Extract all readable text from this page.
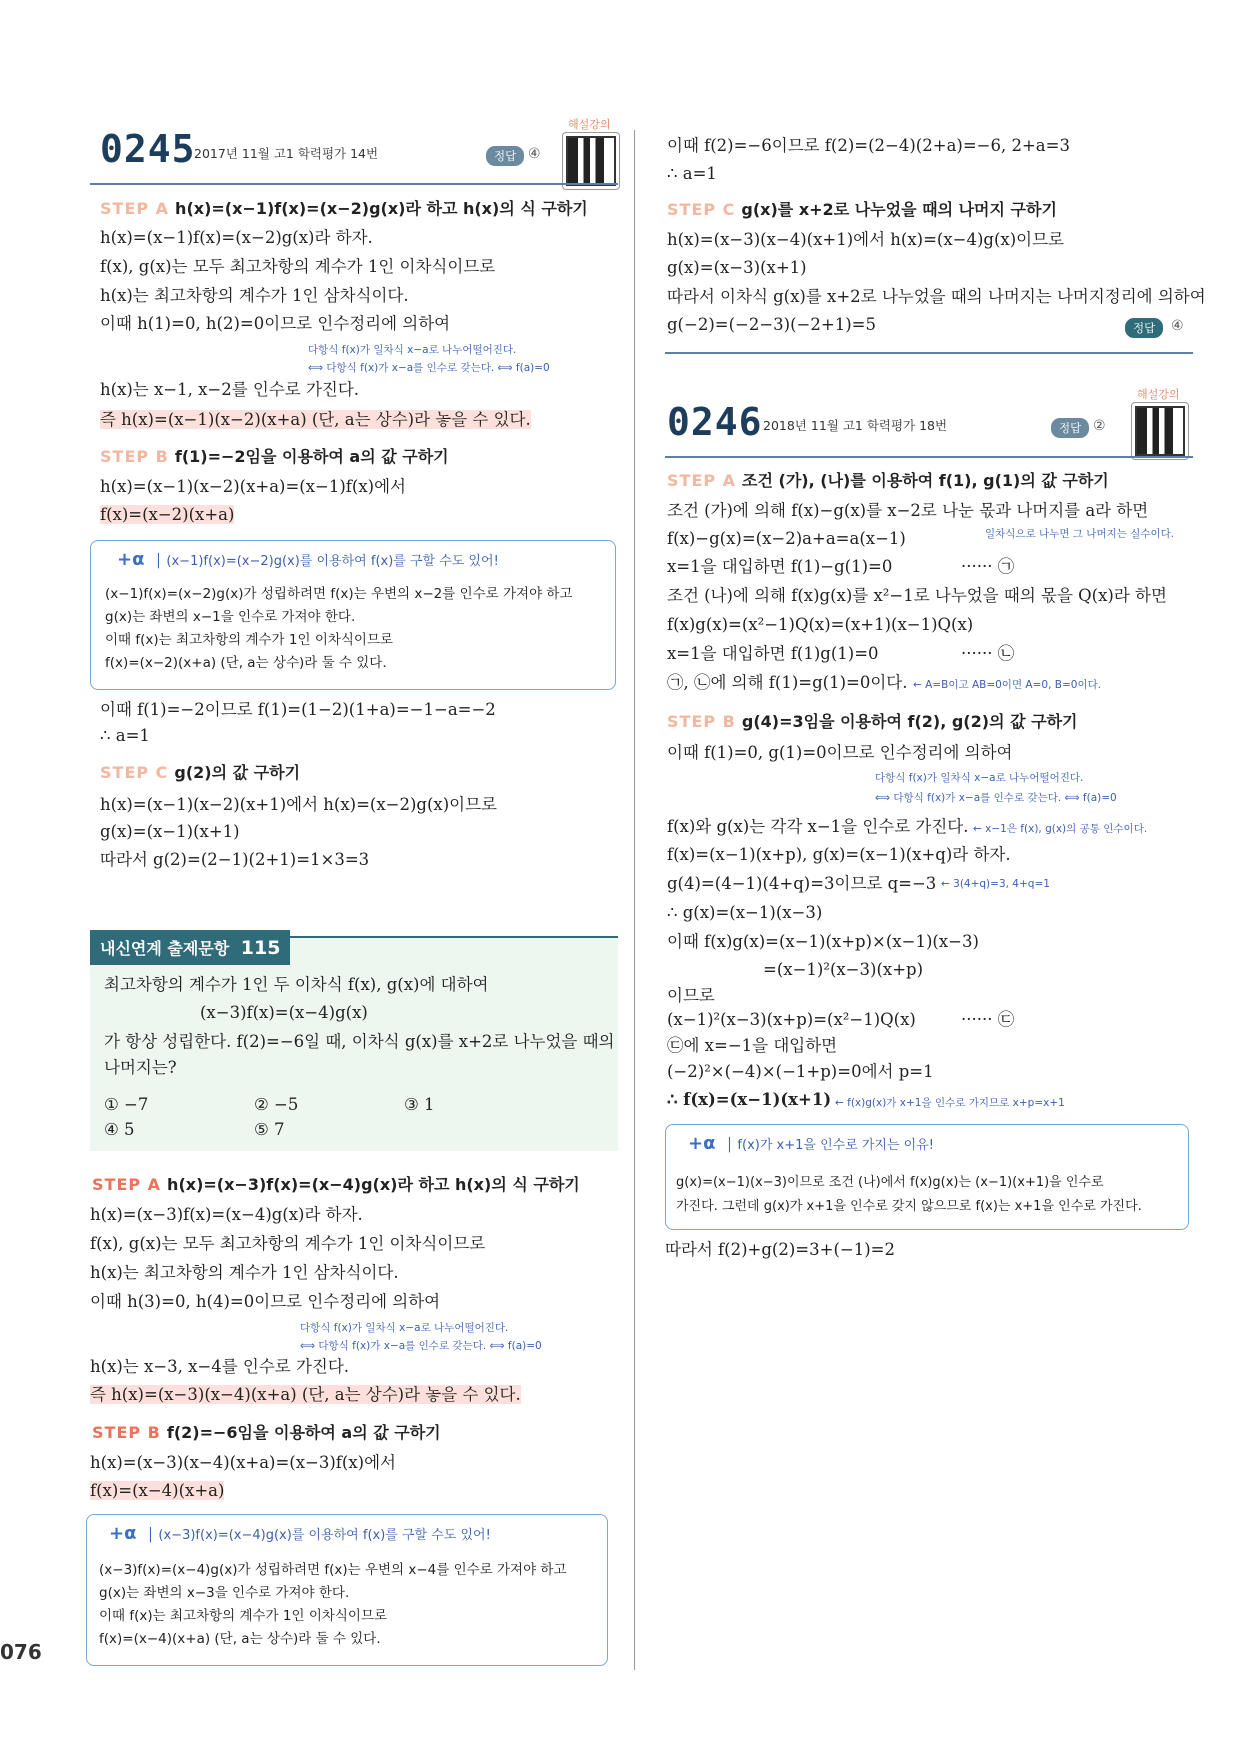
해설강의
0245
2017년 11월 고1 학력평가 14번	정답 ④
STEP A h(x)=(x−1)f(x)=(x−2)g(x)라 하고 h(x)의 식 구하기
h(x)=(x−1)f(x)=(x−2)g(x)라 하자.
f(x), g(x)는 모두 최고차항의 계수가 1인 이차식이므로
h(x)는 최고차항의 계수가 1인 삼차식이다.
이때 h(1)=0, h(2)=0이므로 인수정리에 의하여
다항식 f(x)가 일차식 x−a로 나누어떨어진다.
⟺ 다항식 f(x)가 x−a를 인수로 갖는다. ⟺ f(a)=0
h(x)는 x−1, x−2를 인수로 가진다.
즉 h(x)=(x−1)(x−2)(x+a) (단, a는 상수)라 놓을 수 있다.
STEP B f(1)=−2임을 이용하여 a의 값 구하기
h(x)=(x−1)(x−2)(x+a)=(x−1)f(x)에서
f(x)=(x−2)(x+a)
+α │ (x−1)f(x)=(x−2)g(x)를 이용하여 f(x)를 구할 수도 있어!
(x−1)f(x)=(x−2)g(x)가 성립하려면 f(x)는 우변의 x−2를 인수로 가져야 하고
g(x)는 좌변의 x−1을 인수로 가져야 한다.
이때 f(x)는 최고차항의 계수가 1인 이차식이므로
f(x)=(x−2)(x+a) (단, a는 상수)라 둘 수 있다.
이때 f(1)=−2이므로 f(1)=(1−2)(1+a)=−1−a=−2
∴ a=1
STEP C g(2)의 값 구하기
h(x)=(x−1)(x−2)(x+1)에서 h(x)=(x−2)g(x)이므로
g(x)=(x−1)(x+1)
따라서 g(2)=(2−1)(2+1)=1×3=3
내신연계 출제문항 115
최고차항의 계수가 1인 두 이차식 f(x), g(x)에 대하여
(x−3)f(x)=(x−4)g(x)
가 항상 성립한다. f(2)=−6일 때, 이차식 g(x)를 x+2로 나누었을 때의
나머지는?
① −7	② −5	③ 1
④ 5	⑤ 7
STEP A h(x)=(x−3)f(x)=(x−4)g(x)라 하고 h(x)의 식 구하기
h(x)=(x−3)f(x)=(x−4)g(x)라 하자.
f(x), g(x)는 모두 최고차항의 계수가 1인 이차식이므로
h(x)는 최고차항의 계수가 1인 삼차식이다.
이때 h(3)=0, h(4)=0이므로 인수정리에 의하여
다항식 f(x)가 일차식 x−a로 나누어떨어진다.
⟺ 다항식 f(x)가 x−a를 인수로 갖는다. ⟺ f(a)=0
h(x)는 x−3, x−4를 인수로 가진다.
즉 h(x)=(x−3)(x−4)(x+a) (단, a는 상수)라 놓을 수 있다.
STEP B f(2)=−6임을 이용하여 a의 값 구하기
h(x)=(x−3)(x−4)(x+a)=(x−3)f(x)에서
f(x)=(x−4)(x+a)
+α │ (x−3)f(x)=(x−4)g(x)를 이용하여 f(x)를 구할 수도 있어!
(x−3)f(x)=(x−4)g(x)가 성립하려면 f(x)는 우변의 x−4를 인수로 가져야 하고
g(x)는 좌변의 x−3을 인수로 가져야 한다.
이때 f(x)는 최고차항의 계수가 1인 이차식이므로
f(x)=(x−4)(x+a) (단, a는 상수)라 둘 수 있다.
076
이때 f(2)=−6이므로 f(2)=(2−4)(2+a)=−6, 2+a=3
∴ a=1
STEP C g(x)를 x+2로 나누었을 때의 나머지 구하기
h(x)=(x−3)(x−4)(x+1)에서 h(x)=(x−4)g(x)이므로
g(x)=(x−3)(x+1)
따라서 이차식 g(x)를 x+2로 나누었을 때의 나머지는 나머지정리에 의하여
g(−2)=(−2−3)(−2+1)=5	정답	④
해설강의
0246 2018년 11월 고1 학력평가 18번	정답 ②
STEP A 조건 (가), (나)를 이용하여 f(1), g(1)의 값 구하기
조건 (가)에 의해 f(x)−g(x)를 x−2로 나눈 몫과 나머지를 a라 하면
f(x)−g(x)=(x−2)a+a=a(x−1)	일차식으로 나누면 그 나머지는 실수이다.
x=1을 대입하면 f(1)−g(1)=0	······ ㉠
조건 (나)에 의해 f(x)g(x)를 x²−1로 나누었을 때의 몫을 Q(x)라 하면
f(x)g(x)=(x²−1)Q(x)=(x+1)(x−1)Q(x)
x=1을 대입하면 f(1)g(1)=0	······ ㉡
㉠, ㉡에 의해 f(1)=g(1)=0이다. ← A=B이고 AB=0이면 A=0, B=0이다.
STEP B g(4)=3임을 이용하여 f(2), g(2)의 값 구하기
이때 f(1)=0, g(1)=0이므로 인수정리에 의하여
다항식 f(x)가 일차식 x−a로 나누어떨어진다.
⟺ 다항식 f(x)가 x−a를 인수로 갖는다. ⟺ f(a)=0
f(x)와 g(x)는 각각 x−1을 인수로 가진다. ← x−1은 f(x), g(x)의 공통 인수이다.
f(x)=(x−1)(x+p), g(x)=(x−1)(x+q)라 하자.
g(4)=(4−1)(4+q)=3이므로 q=−3 ← 3(4+q)=3, 4+q=1
∴ g(x)=(x−1)(x−3)
이때 f(x)g(x)=(x−1)(x+p)×(x−1)(x−3)
=(x−1)²(x−3)(x+p)
이므로
(x−1)²(x−3)(x+p)=(x²−1)Q(x)	······ ㉢
㉢에 x=−1을 대입하면
(−2)²×(−4)×(−1+p)=0에서 p=1
∴ f(x)=(x−1)(x+1) ← f(x)g(x)가 x+1을 인수로 가지므로 x+p=x+1
+α │ f(x)가 x+1을 인수로 가지는 이유!
g(x)=(x−1)(x−3)이므로 조건 (나)에서 f(x)g(x)는 (x−1)(x+1)을 인수로
가진다. 그런데 g(x)가 x+1을 인수로 갖지 않으므로 f(x)는 x+1을 인수로 가진다.
따라서 f(2)+g(2)=3+(−1)=2
